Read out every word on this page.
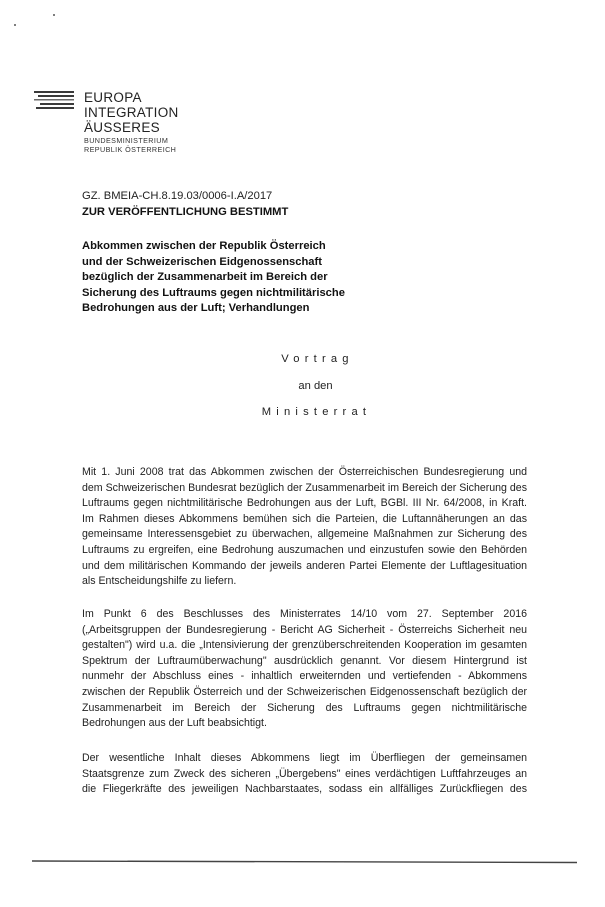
EUROPA
INTEGRATION
ÄUSSERES
BUNDESMINISTERIUM
REPUBLIK ÖSTERREICH
GZ. BMEIA-CH.8.19.03/0006-I.A/2017
ZUR VERÖFFENTLICHUNG BESTIMMT
Abkommen zwischen der Republik Österreich
und der Schweizerischen Eidgenossenschaft
bezüglich der Zusammenarbeit im Bereich der
Sicherung des Luftraums gegen nichtmilitärische
Bedrohungen aus der Luft; Verhandlungen
Vortrag
an den
Ministerrat
Mit 1. Juni 2008 trat das Abkommen zwischen der Österreichischen Bundesregierung und
dem Schweizerischen Bundesrat bezüglich der Zusammenarbeit im Bereich der Sicherung des
Luftraums gegen nichtmilitärische Bedrohungen aus der Luft, BGBl. III Nr. 64/2008, in Kraft.
Im Rahmen dieses Abkommens bemühen sich die Parteien, die Luftannäherungen an das
gemeinsame Interessensgebiet zu überwachen, allgemeine Maßnahmen zur Sicherung des
Luftraums zu ergreifen, eine Bedrohung auszumachen und einzustufen sowie den Behörden
und dem militärischen Kommando der jeweils anderen Partei Elemente der Luftlagesituation
als Entscheidungshilfe zu liefern.
Im Punkt 6 des Beschlusses des Ministerrates 14/10 vom 27. September 2016
(„Arbeitsgruppen der Bundesregierung - Bericht AG Sicherheit - Österreichs Sicherheit neu
gestalten") wird u.a. die „Intensivierung der grenzüberschreitenden Kooperation im gesamten
Spektrum der Luftraumüberwachung" ausdrücklich genannt. Vor diesem Hintergrund ist
nunmehr der Abschluss eines - inhaltlich erweiternden und vertiefenden - Abkommens
zwischen der Republik Österreich und der Schweizerischen Eidgenossenschaft bezüglich der
Zusammenarbeit im Bereich der Sicherung des Luftraums gegen nichtmilitärische
Bedrohungen aus der Luft beabsichtigt.
Der wesentliche Inhalt dieses Abkommens liegt im Überfliegen der gemeinsamen
Staatsgrenze zum Zweck des sicheren „Übergebens" eines verdächtigen Luftfahrzeuges an
die Fliegerkräfte des jeweiligen Nachbarstaates, sodass ein allfälliges Zurückfliegen des
